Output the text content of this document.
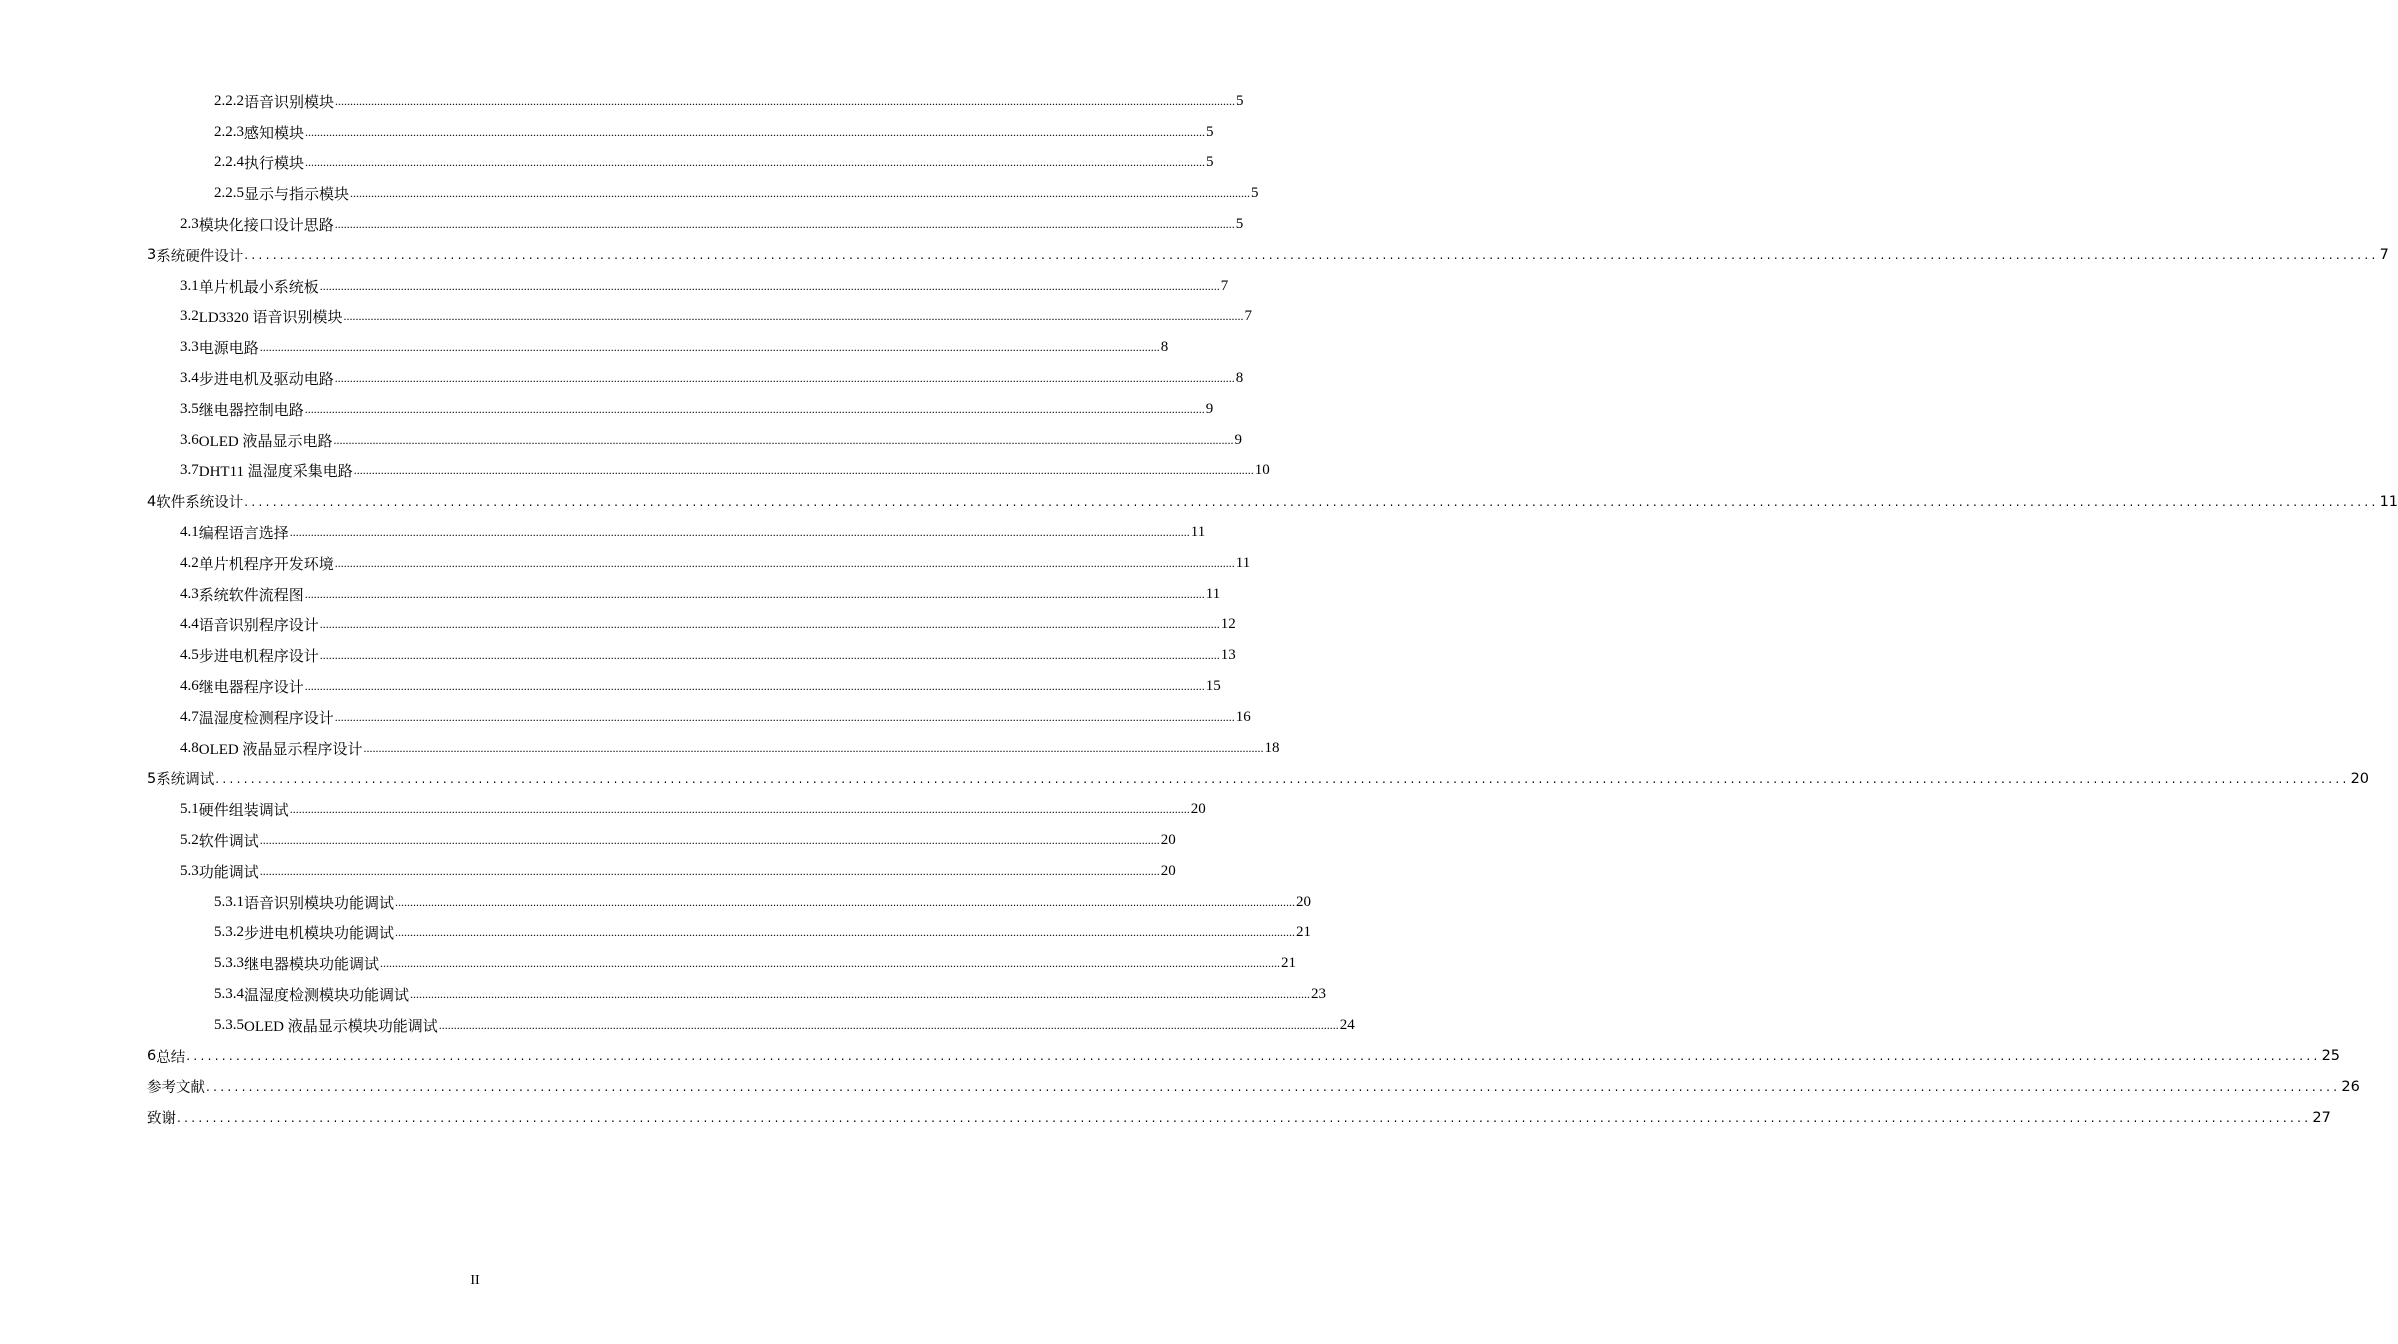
2.2.2 语音识别模块 ............................................................................................................................................................................................................................................................................................................ 5
2.2.3 感知模块 ............................................................................................................................................................................................................................................................................................................ 5
2.2.4 执行模块 ............................................................................................................................................................................................................................................................................................................ 5
2.2.5 显示与指示模块 ............................................................................................................................................................................................................................................................................................................ 5
2.3 模块化接口设计思路 ............................................................................................................................................................................................................................................................................................................ 5
3 系统硬件设计 ............................................................................................................................................................................................................................................................................................................ 7
3.1 单片机最小系统板 ............................................................................................................................................................................................................................................................................................................ 7
3.2 LD3320 语音识别模块 ............................................................................................................................................................................................................................................................................................................ 7
3.3 电源电路 ............................................................................................................................................................................................................................................................................................................ 8
3.4 步进电机及驱动电路 ............................................................................................................................................................................................................................................................................................................ 8
3.5 继电器控制电路 ............................................................................................................................................................................................................................................................................................................ 9
3.6 OLED 液晶显示电路 ............................................................................................................................................................................................................................................................................................................ 9
3.7 DHT11 温湿度采集电路 ............................................................................................................................................................................................................................................................................................................ 10
4 软件系统设计 ............................................................................................................................................................................................................................................................................................................ 11
4.1 编程语言选择 ............................................................................................................................................................................................................................................................................................................ 11
4.2 单片机程序开发环境 ............................................................................................................................................................................................................................................................................................................ 11
4.3 系统软件流程图 ............................................................................................................................................................................................................................................................................................................ 11
4.4 语音识别程序设计 ............................................................................................................................................................................................................................................................................................................ 12
4.5 步进电机程序设计 ............................................................................................................................................................................................................................................................................................................ 13
4.6 继电器程序设计 ............................................................................................................................................................................................................................................................................................................ 15
4.7 温湿度检测程序设计 ............................................................................................................................................................................................................................................................................................................ 16
4.8 OLED 液晶显示程序设计 ............................................................................................................................................................................................................................................................................................................ 18
5 系统调试 ............................................................................................................................................................................................................................................................................................................ 20
5.1 硬件组装调试 ............................................................................................................................................................................................................................................................................................................ 20
5.2 软件调试 ............................................................................................................................................................................................................................................................................................................ 20
5.3 功能调试 ............................................................................................................................................................................................................................................................................................................ 20
5.3.1 语音识别模块功能调试 ............................................................................................................................................................................................................................................................................................................ 20
5.3.2 步进电机模块功能调试 ............................................................................................................................................................................................................................................................................................................ 21
5.3.3 继电器模块功能调试 ............................................................................................................................................................................................................................................................................................................ 21
5.3.4 温湿度检测模块功能调试 ............................................................................................................................................................................................................................................................................................................ 23
5.3.5 OLED 液晶显示模块功能调试 ............................................................................................................................................................................................................................................................................................................ 24
6 总结 ............................................................................................................................................................................................................................................................................................................ 25
参考文献 ............................................................................................................................................................................................................................................................................................................ 26
致谢 ............................................................................................................................................................................................................................................................................................................ 27
II
